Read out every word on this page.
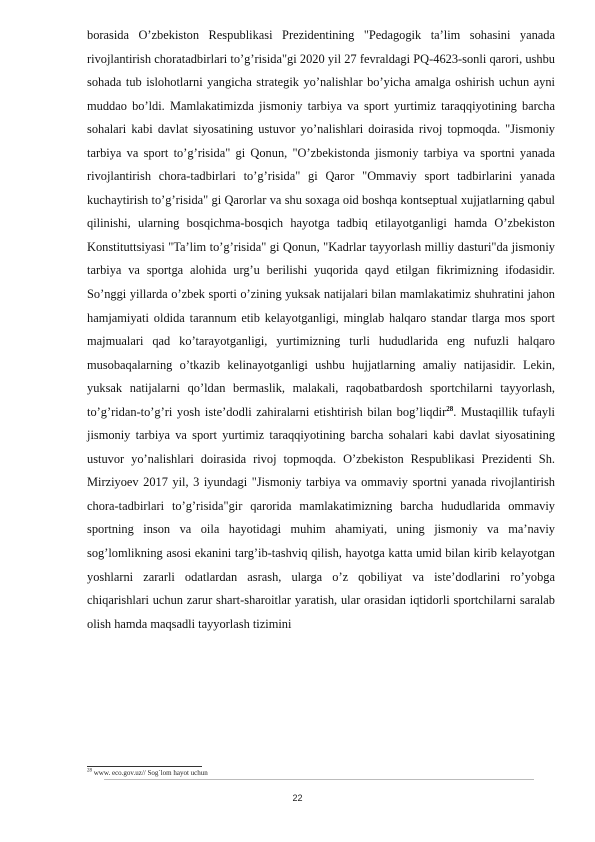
borasida O’zbekiston Respublikasi Prezidentining "Pedagogik ta’lim sohasini yanada rivojlantirish choratadbirlari to’g’risida"gi 2020 yil 27 fevraldagi PQ-4623-sonli qarori, ushbu sohada tub islohotlarni yangicha strategik yo’nalishlar bo’yicha amalga oshirish uchun ayni muddao bo’ldi. Mamlakatimizda jismoniy tarbiya va sport yurtimiz taraqqiyotining barcha sohalari kabi davlat siyosatining ustuvor yo’nalishlari doirasida rivoj topmoqda. "Jismoniy tarbiya va sport to’g’risida" gi Qonun, "O’zbekistonda jismoniy tarbiya va sportni yanada rivojlantirish chora-tadbirlari to’g’risida" gi Qaror "Ommaviy sport tadbirlarini yanada kuchaytirish to’g’risida" gi Qarorlar va shu soxaga oid boshqa kontseptual xujjatlarning qabul qilinishi, ularning bosqichma-bosqich hayotga tadbiq etilayotganligi hamda O’zbekiston Konstituttsiyasi "Ta’lim to’g’risida" gi Qonun, "Kadrlar tayyorlash milliy dasturi"da jismoniy tarbiya va sportga alohida urg’u berilishi yuqorida qayd etilgan fikrimizning ifodasidir. So’nggi yillarda o’zbek sporti o’zining yuksak natijalari bilan mamlakatimiz shuhratini jahon hamjamiyati oldida tarannum etib kelayotganligi, minglab halqaro standar tlarga mos sport majmualari qad ko’tarayotganligi, yurtimizning turli hududlarida eng nufuzli halqaro musobaqalarning o’tkazib kelinayotganligi ushbu hujjatlarning amaliy natijasidir. Lekin, yuksak natijalarni qo’ldan bermaslik, malakali, raqobatbardosh sportchilarni tayyorlash, to’g’ridan-to’g’ri yosh iste’dodli zahiralarni etishtirish bilan bog’liqdir$^{28}$. Mustaqillik tufayli jismoniy tarbiya va sport yurtimiz taraqqiyotining barcha sohalari kabi davlat siyosatining ustuvor yo’nalishlari doirasida rivoj topmoqda. O’zbekiston Respublikasi Prezidenti Sh. Mirziyoev 2017 yil, 3 iyundagi "Jismoniy tarbiya va ommaviy sportni yanada rivojlantirish chora-tadbirlari to’g’risida"gir qarorida mamlakatimizning barcha hududlarida ommaviy sportning inson va oila hayotidagi muhim ahamiyati, uning jismoniy va ma’naviy sog’lomlikning asosi ekanini targ’ib-tashviq qilish, hayotga katta umid bilan kirib kelayotgan yoshlarni zararli odatlardan asrash, ularga o’z qobiliyat va iste’dodlarini ro’yobga chiqarishlari uchun zarur shart-sharoitlar yaratish, ular orasidan iqtidorli sportchilarni saralab olish hamda maqsadli tayyorlash tizimini

$^{28}$ www. eco.gov.uz// Sog`lom hayot uchun
22
